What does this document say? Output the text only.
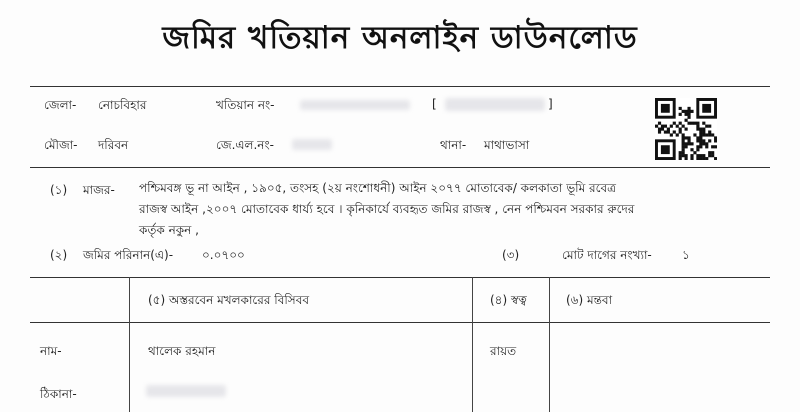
জমির খতিয়ান অনলাইন ডাউনলোড
জেলা- নোচবিহার	খতিয়ান নং-	[	]
মৌজা- দরিবন	জে.এল.নং-	থানা- মাথাভাসা
(১) মাজর- পশ্চিমবঙ্গ ভূ না আইন , ১৯০৫, তংসহ (২য় নংশোধনী) আইন ২০৭৭ মোতাবেক/ কলকাতা ভূমি রবেত্র
রাজস্ব আইন ,২০০৭ মোতাবেক ধার্য্য হবে । কৃনিকার্যে ব্যবহৃত জমির রাজস্ব , নেন পশ্চিমবন সরকার রুদের
কর্তৃক নকুন ,
(২) জমির পরিনান(এ)- ০.০৭০০	(৩)	মোট দাগের নংখ্যা-	১
(৫) অস্তরবেন মখলকারের বিসিবব	(৪) স্বত্ব	(৬) মন্তবা
নাম-	থালেক রহমান	রায়ত
ঠিকানা-
